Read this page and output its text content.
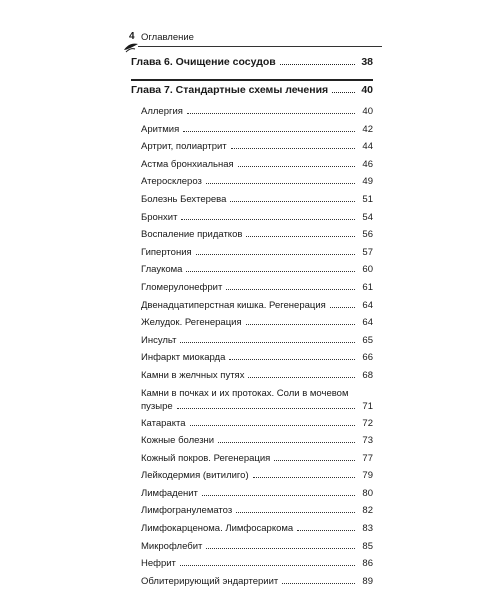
4 Оглавление
Глава 6. Очищение сосудов	38
Глава 7. Стандартные схемы лечения	40
Аллергия	40
Аритмия	42
Артрит, полиартрит	44
Астма бронхиальная	46
Атеросклероз	49
Болезнь Бехтерева	51
Бронхит	54
Воспаление придатков	56
Гипертония	57
Глаукома	60
Гломерулонефрит	61
Двенадцатиперстная кишка. Регенерация	64
Желудок. Регенерация	64
Инсульт	65
Инфаркт миокарда	66
Камни в желчных путях	68
Камни в почках и их протоках. Соли в мочевом
пузыре	71
Катаракта	72
Кожные болезни	73
Кожный покров. Регенерация	77
Лейкодермия (витилиго)	79
Лимфаденит	80
Лимфогранулематоз	82
Лимфокарценома. Лимфосаркома	83
Микрофлебит	85
Нефрит	86
Облитерирующий эндартериит	89
